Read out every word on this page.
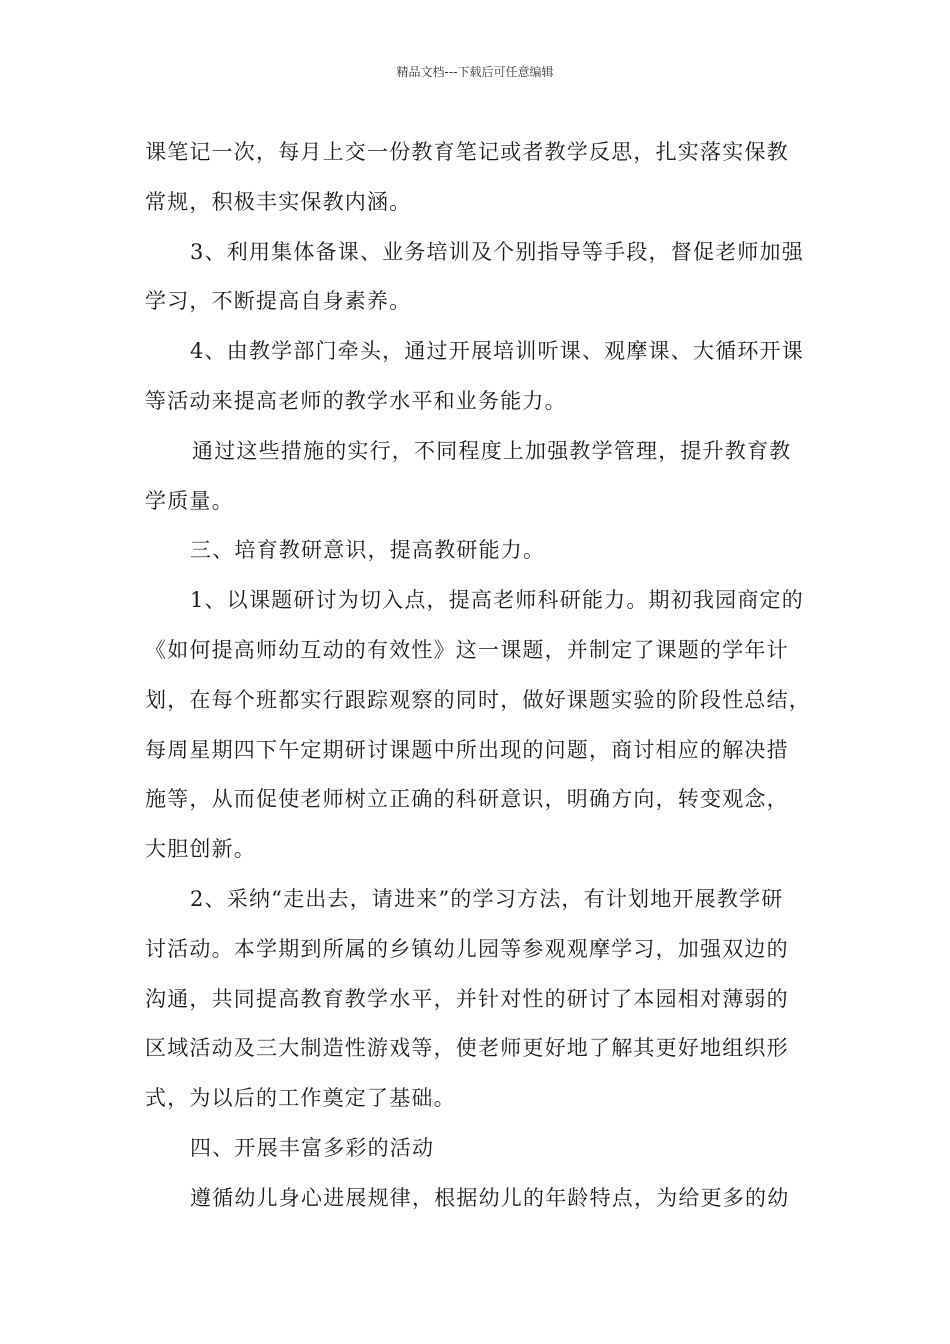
精品文档---下载后可任意编辑
课笔记一次，每月上交一份教育笔记或者教学反思，扎实落实保教
常规，积极丰实保教内涵。
3、利用集体备课、业务培训及个别指导等手段，督促老师加强
学习，不断提高自身素养。
4、由教学部门牵头，通过开展培训听课、观摩课、大循环开课
等活动来提高老师的教学水平和业务能力。
通过这些措施的实行，不同程度上加强教学管理，提升教育教
学质量。
三、培育教研意识，提高教研能力。
1、以课题研讨为切入点，提高老师科研能力。期初我园商定的
《如何提高师幼互动的有效性》这一课题，并制定了课题的学年计
划，在每个班都实行跟踪观察的同时，做好课题实验的阶段性总结，
每周星期四下午定期研讨课题中所出现的问题，商讨相应的解决措
施等，从而促使老师树立正确的科研意识，明确方向，转变观念，
大胆创新。
2、采纳“走出去，请进来”的学习方法，有计划地开展教学研
讨活动。本学期到所属的乡镇幼儿园等参观观摩学习，加强双边的
沟通，共同提高教育教学水平，并针对性的研讨了本园相对薄弱的
区域活动及三大制造性游戏等，使老师更好地了解其更好地组织形
式，为以后的工作奠定了基础。
四、开展丰富多彩的活动
遵循幼儿身心进展规律，根据幼儿的年龄特点，为给更多的幼
